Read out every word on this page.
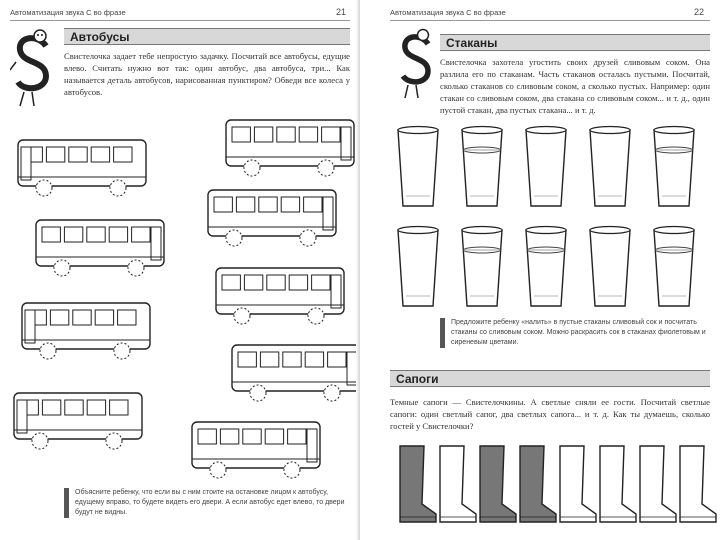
Автоматизация звука С во фразе	21
Автобусы
Свистелочка задает тебе непростую задачку. Посчитай все автобусы, едущие влево. Считать нужно вот так: один автобус, два автобуса, три... Как называется деталь автобусов, нарисованная пунктиром? Обведи все колеса у автобусов.
Объясните ребенку, что если вы с ним стоите на остановке лицом к автобусу, едущему вправо, то будете видеть его двери. А если автобус едет влево, то двери будут не видны.
Автоматизация звука С во фразе	22
Стаканы
Свистелочка захотела угостить своих друзей сливовым соком. Она разлила его по стаканам. Часть стаканов осталась пустыми. Посчитай, сколько стаканов со сливовым соком, а сколько пустых. Например: один стакан со сливовым соком, два стакана со сливовым соком... и т. д., один пустой стакан, два пустых стакана... и т. д.
Предложите ребенку «налить» в пустые стаканы сливовый сок и посчитать стаканы со сливовым соком. Можно раскрасить сок в стаканах фиолетовым и сиреневым цветами.
Сапоги
Темные сапоги — Свистелочкины. А светлые сняли ее гости. Посчитай светлые сапоги: один светлый сапог, два светлых сапога... и т. д. Как ты думаешь, сколько гостей у Свистелочки?
